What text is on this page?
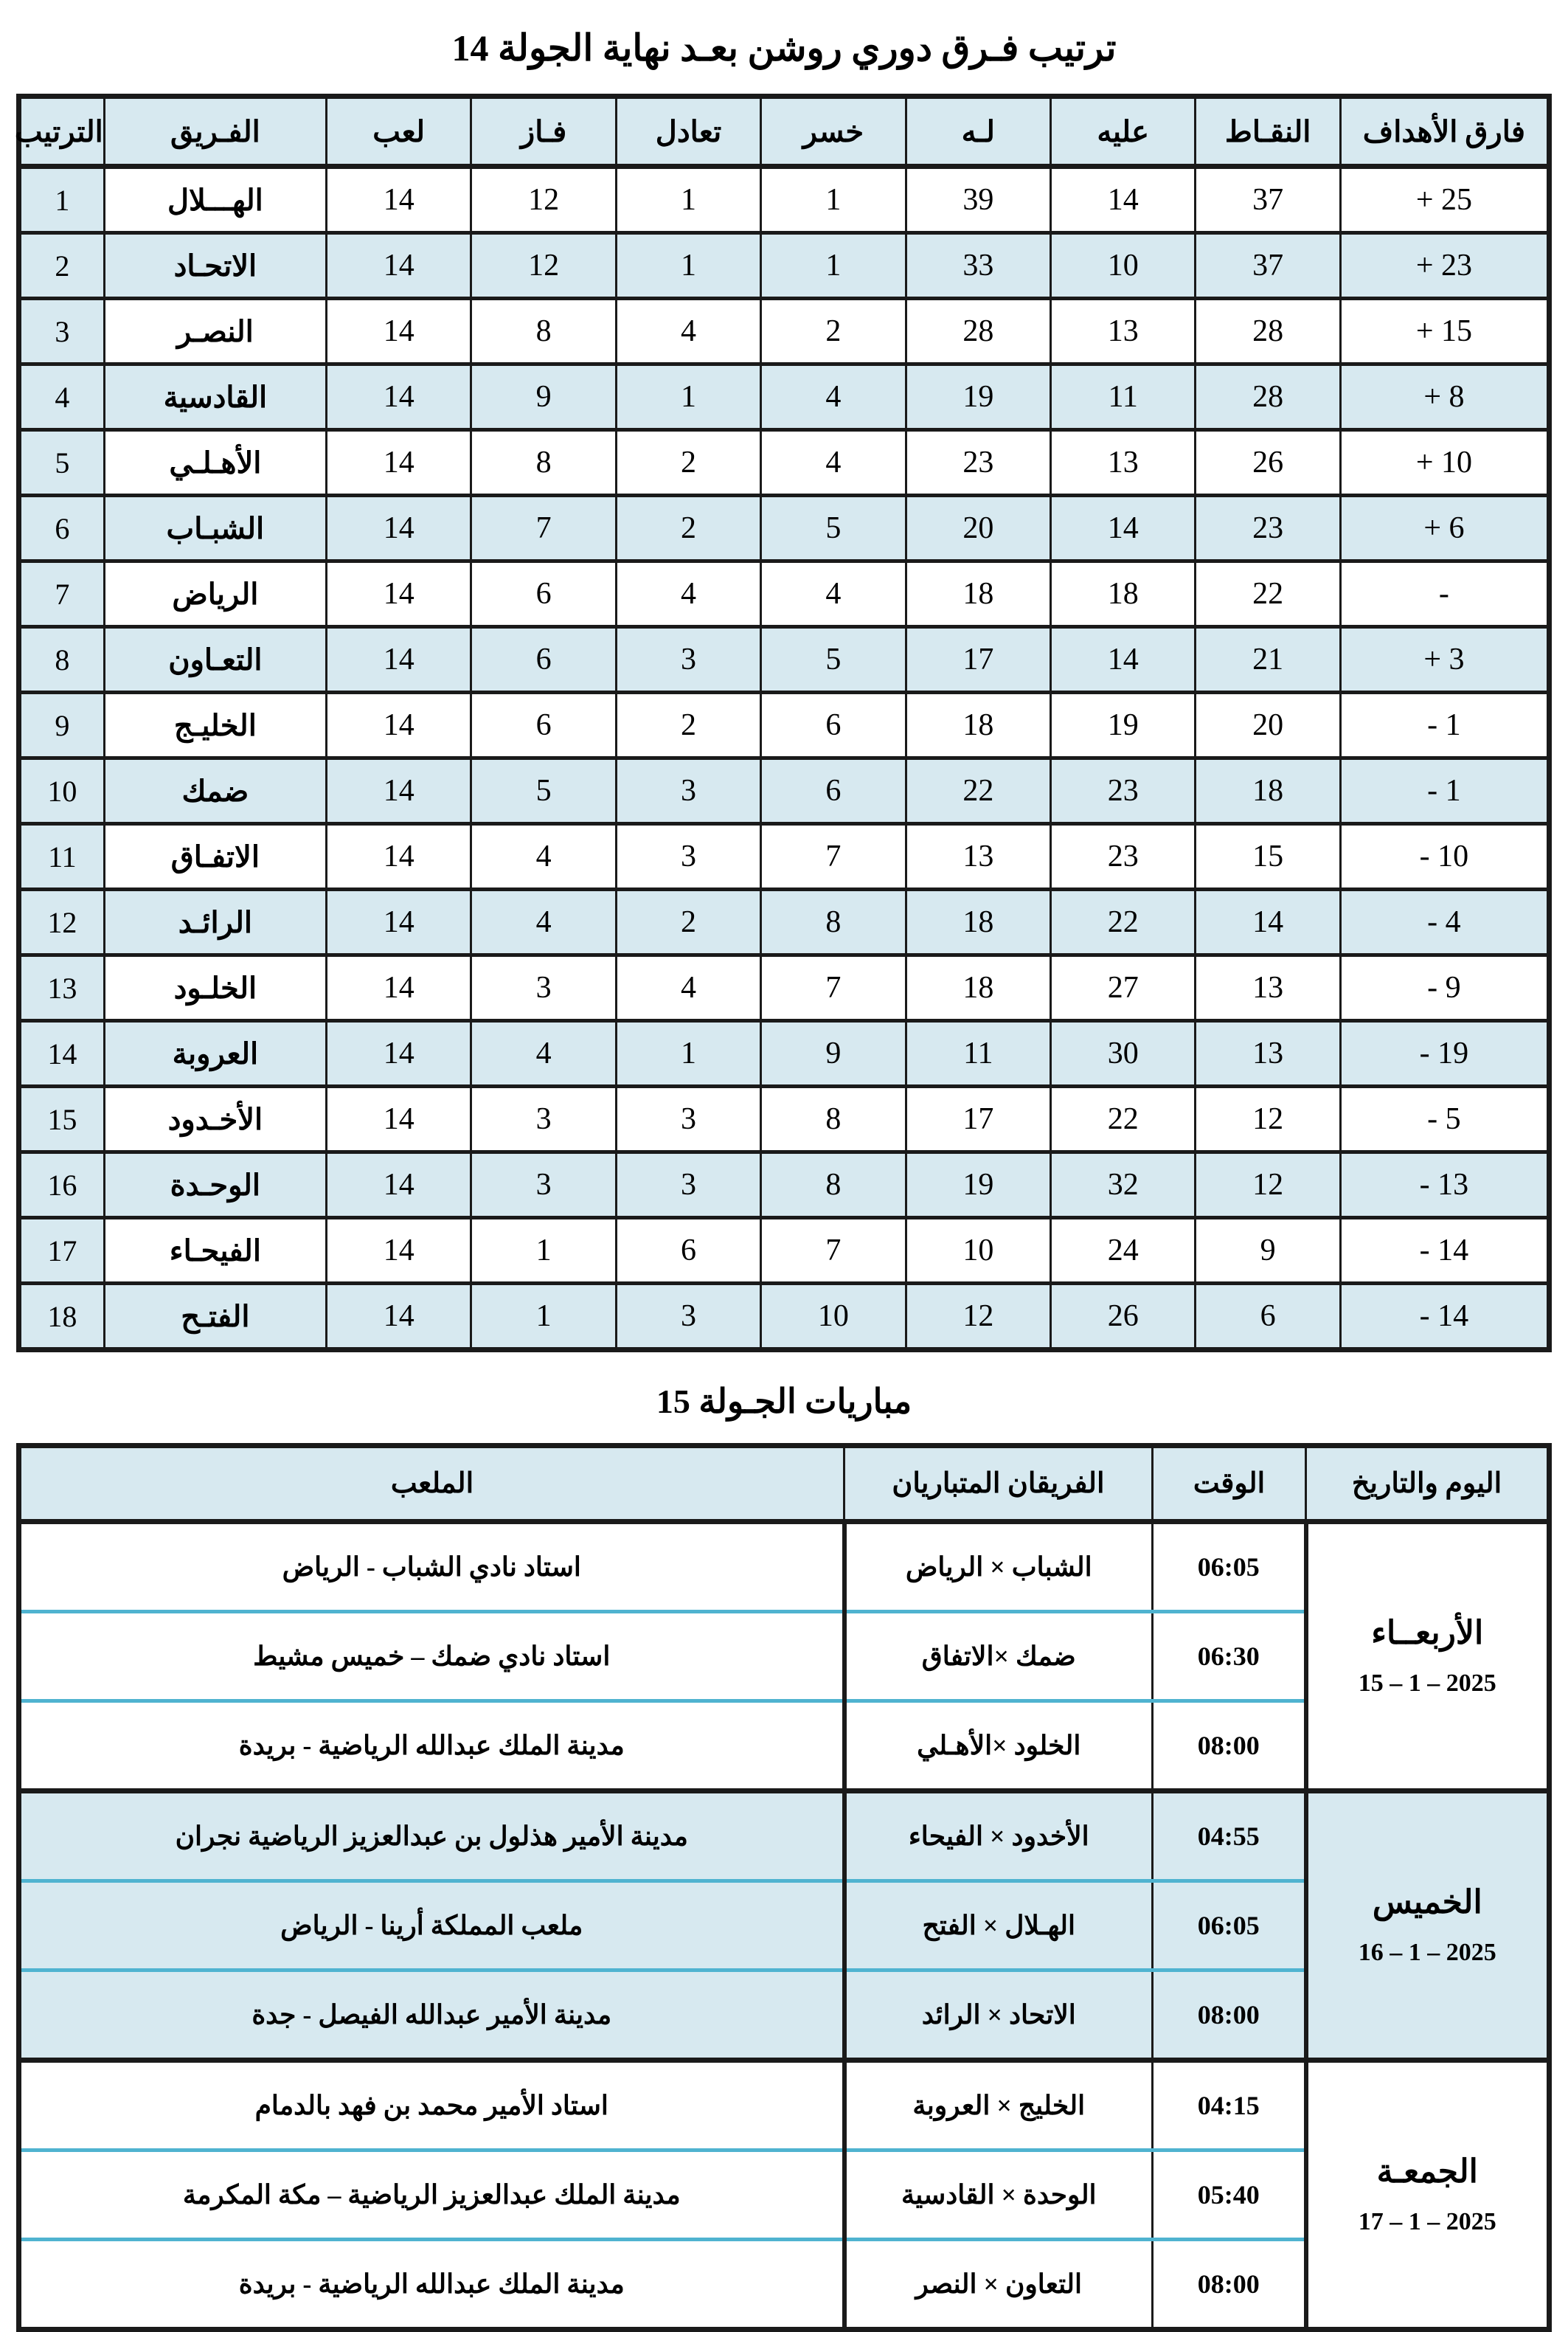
ترتيب فـرق دوري روشن بعـد نهاية الجولة 14
فارق الأهداف	النقـاط	عليه	لـه	خسر	تعادل	فـاز	لعب	الفـريق	الترتيب
25 +	37	14	39	1	1	12	14	الهـــلال	1
23 +	37	10	33	1	1	12	14	الاتحـاد	2
15 +	28	13	28	2	4	8	14	النصـر	3
8 +	28	11	19	4	1	9	14	القادسية	4
10 +	26	13	23	4	2	8	14	الأهـلـي	5
6 +	23	14	20	5	2	7	14	الشبـاب	6
-	22	18	18	4	4	6	14	الرياض	7
3 +	21	14	17	5	3	6	14	التعـاون	8
1 -	20	19	18	6	2	6	14	الخليـج	9
1 -	18	23	22	6	3	5	14	ضمك	10
10 -	15	23	13	7	3	4	14	الاتفـاق	11
4 -	14	22	18	8	2	4	14	الرائـد	12
9 -	13	27	18	7	4	3	14	الخلـود	13
19 -	13	30	11	9	1	4	14	العروبة	14
5 -	12	22	17	8	3	3	14	الأخـدود	15
13 -	12	32	19	8	3	3	14	الوحـدة	16
14 -	9	24	10	7	6	1	14	الفيحـاء	17
14 -	6	26	12	10	3	1	14	الفتـح	18
مباريات الجـولة 15
اليوم والتاريخ	الوقت	الفريقان المتباريان	الملعب

الأربعــاء
15 – 1 – 2025	06:05	الشباب × الرياض	استاد نادي الشباب - الرياض
	06:30	ضمك ×الاتفاق	استاد نادي ضمك – خميس مشيط
	08:00	الخلود ×الأهـلي	مدينة الملك عبدالله الرياضية - بريدة

الخميس
16 – 1 – 2025	04:55	الأخدود × الفيحاء	مدينة الأمير هذلول بن عبدالعزيز الرياضية نجران
	06:05	الهـلال × الفتح	ملعب المملكة أرينا - الرياض
	08:00	الاتحاد × الرائد	مدينة الأمير عبدالله الفيصل - جدة

الجمعـة
17 – 1 – 2025	04:15	الخليج × العروبة	استاد الأمير محمد بن فهد بالدمام
	05:40	الوحدة × القادسية	مدينة الملك عبدالعزيز الرياضية – مكة المكرمة
	08:00	التعاون × النصر	مدينة الملك عبدالله الرياضية - بريدة
